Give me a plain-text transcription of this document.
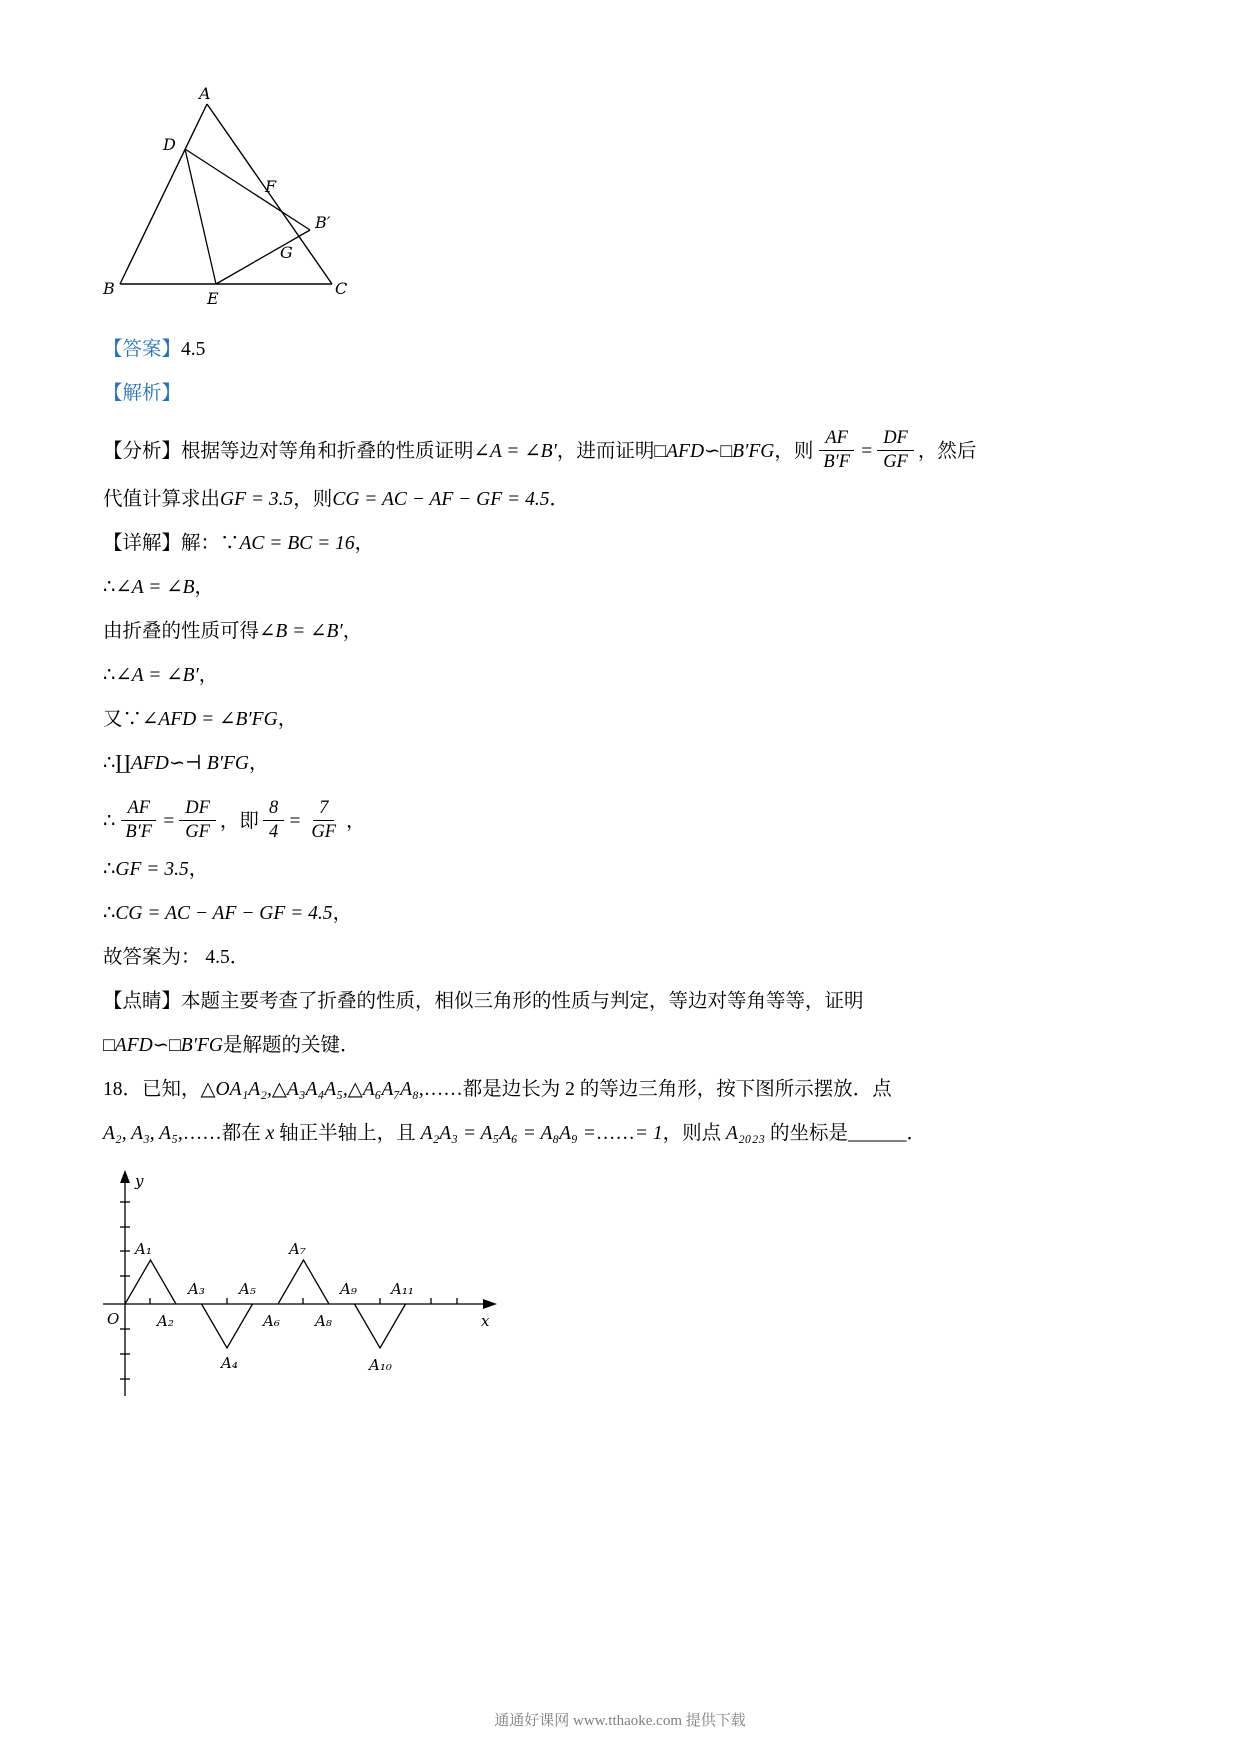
A
D
F
B′
G
B
E
C

【答案】4.5

【解析】

【分析】根据等边对等角和折叠的性质证明∠A = ∠B′，进而证明□AFD∽□B′FG，则 $\frac{AF}{B'F} = \frac{DF}{GF}$ ，然后

代值计算求出GF = 3.5，则CG = AC − AF − GF = 4.5．

【详解】解：∵AC = BC = 16，

∴∠A = ∠B，

由折叠的性质可得∠B = ∠B′，

∴∠A = ∠B′，

又∵∠AFD = ∠B′FG，

∴∐AFD∽⊣ B′FG，

∴ $\frac{AF}{B'F} = \frac{DF}{GF}$ ，即 $\frac{8}{4} = \frac{7}{GF}$ ，

∴GF = 3.5，

∴CG = AC − AF − GF = 4.5，

故答案为： 4.5．

【点睛】本题主要考查了折叠的性质，相似三角形的性质与判定，等边对等角等等，证明

□AFD∽□B′FG是解题的关键．

18．已知，△OA₁A₂,△A₃A₄A₅,△A₆A₇A₈,……都是边长为 2 的等边三角形，按下图所示摆放．点

A₂, A₃, A₅,……都在 x 轴正半轴上，且 A₂A₃ = A₅A₆ = A₈A₉ =……= 1，则点 A₂₀₂₃ 的坐标是______．

O
y
x
A₁
A₂
A₃
A₄
A₅
A₆
A₇
A₈
A₉
A₁₀
A₁₁
通通好课网 www.tthaoke.com 提供下载
